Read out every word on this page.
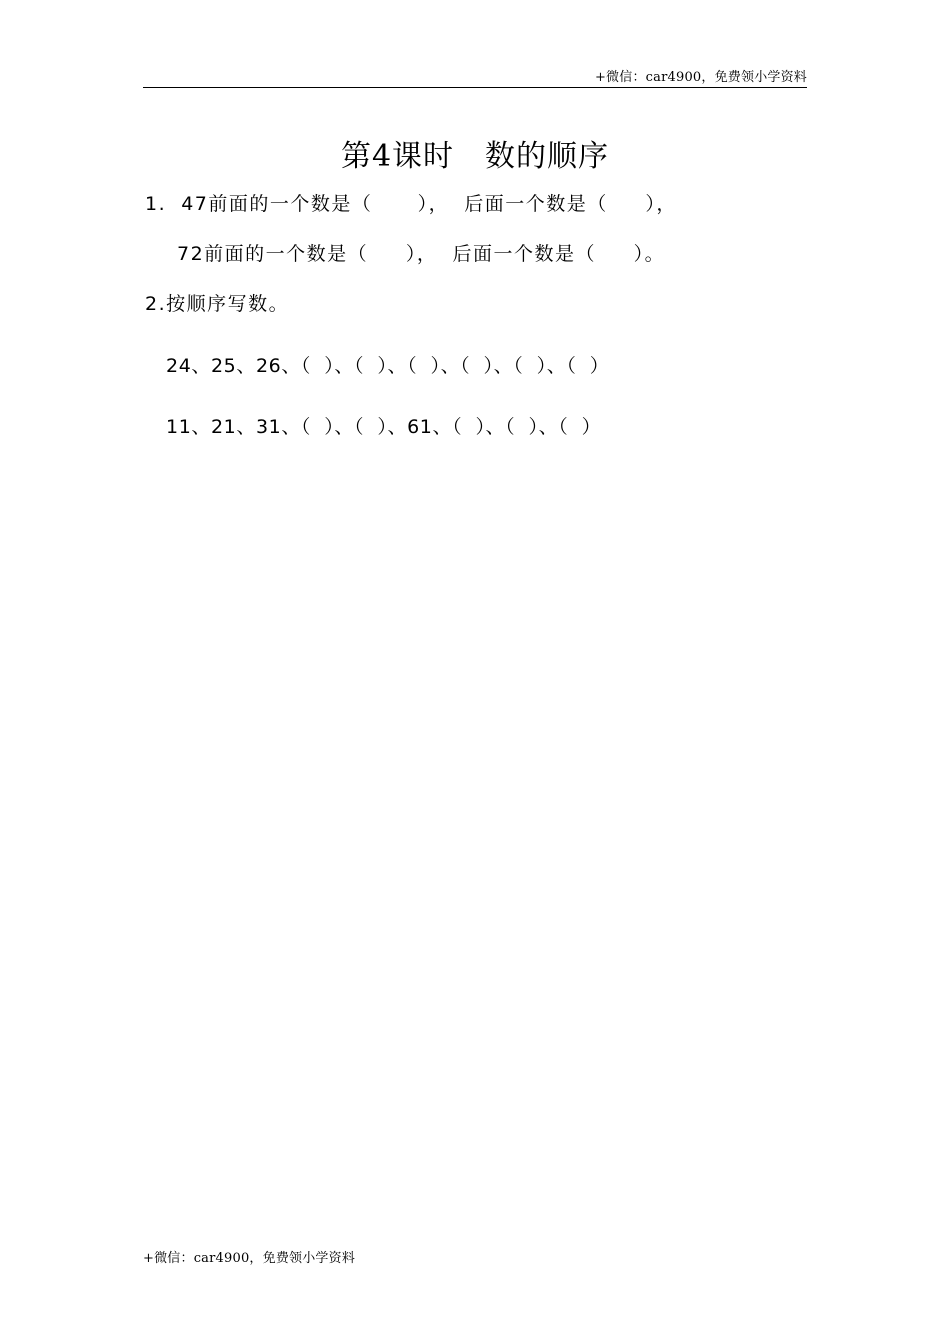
+微信：car4900，免费领小学资料
第4课时　数的顺序
1.  47前面的一个数是（      ），  后面一个数是（     ），
72前面的一个数是（     ），  后面一个数是（     ）。
2.按顺序写数。
24、25、26、（  ）、（  ）、（  ）、（  ）、（  ）、（  ）
11、21、31、（  ）、（  ）、61、（  ）、（  ）、（  ）
+微信：car4900，免费领小学资料
